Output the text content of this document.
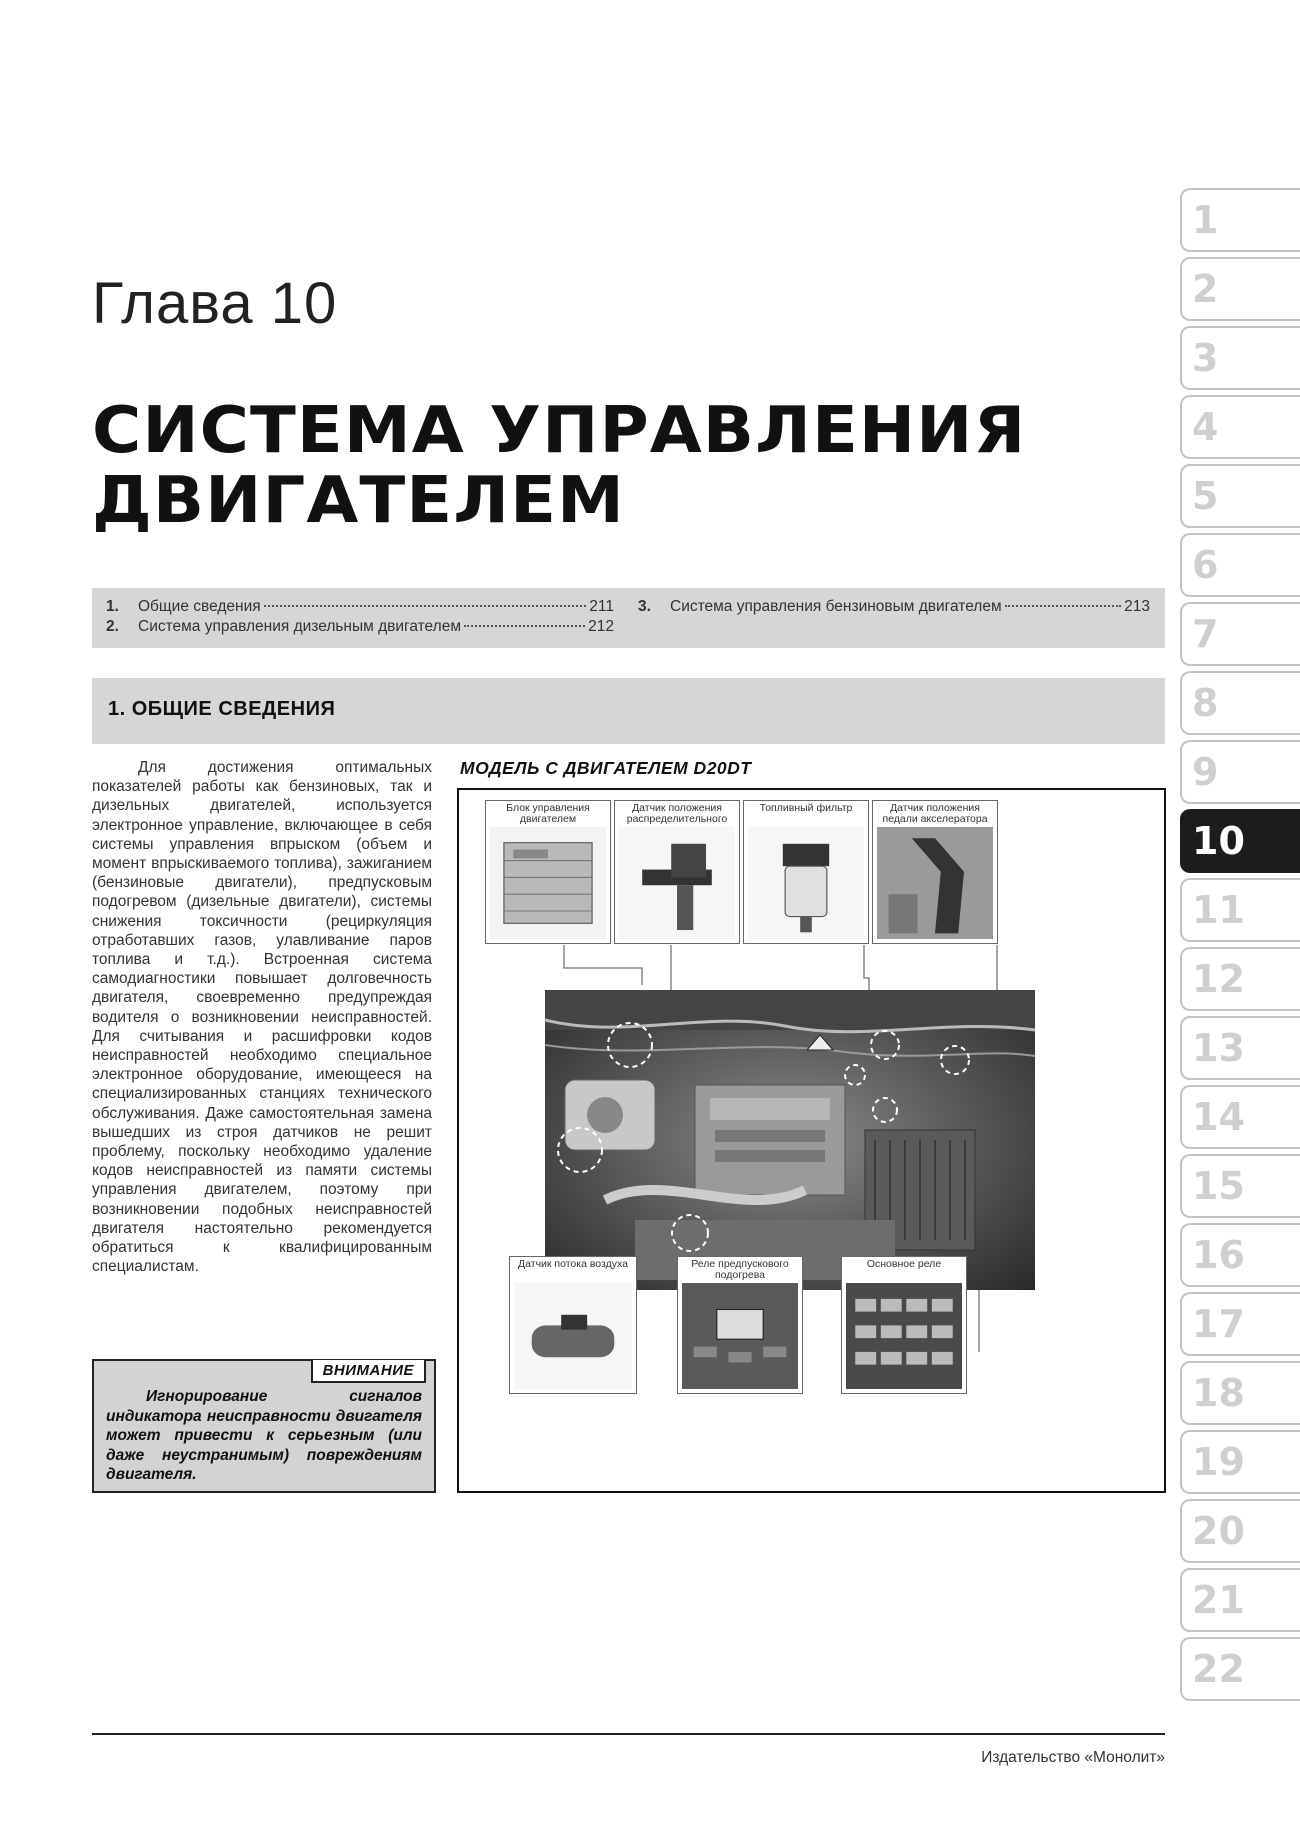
Глава 10
СИСТЕМА УПРАВЛЕНИЯ
ДВИГАТЕЛЕМ
1.	Общие сведения	211
2.	Система управления дизельным двигателем	212
3.	Система управления бензиновым двигателем	213
1. ОБЩИЕ СВЕДЕНИЯ
Для достижения оптимальных показателей работы как бензиновых, так и дизельных двигателей, используется электронное управление, включающее в себя системы управления впрыском (объем и момент впрыскиваемого топлива), зажиганием (бензиновые двигатели), предпусковым подогревом (дизельные двигатели), системы снижения токсичности (рециркуляция отработавших газов, улавливание паров топлива и т.д.). Встроенная система самодиагностики повышает долговечность двигателя, своевременно предупреждая водителя о возникновении неисправностей. Для считывания и расшифровки кодов неисправностей необходимо специальное электронное оборудование, имеющееся на специализированных станциях технического обслуживания. Даже самостоятельная замена вышедших из строя датчиков не решит проблему, поскольку необходимо удаление кодов неисправностей из памяти системы управления двигателем, поэтому при возникновении подобных неисправностей двигателя настоятельно рекомендуется обратиться к квалифицированным специалистам.
ВНИМАНИЕ
Игнорирование сигналов индикатора неисправности двигателя может привести к серьезным (или даже неустранимым) повреждениям двигателя.
МОДЕЛЬ С ДВИГАТЕЛЕМ D20DT
Блок управления двигателем
Датчик положения распределительного
Топливный фильтр	Датчик положения педали акселератора
Датчик потока воздуха	Реле предпускового подогрева
Основное реле
1
2
3
4
5
6
7
8
9
10
11
12
13
14
15
16
17
18
19
20
21
22
Издательство «Монолит»
